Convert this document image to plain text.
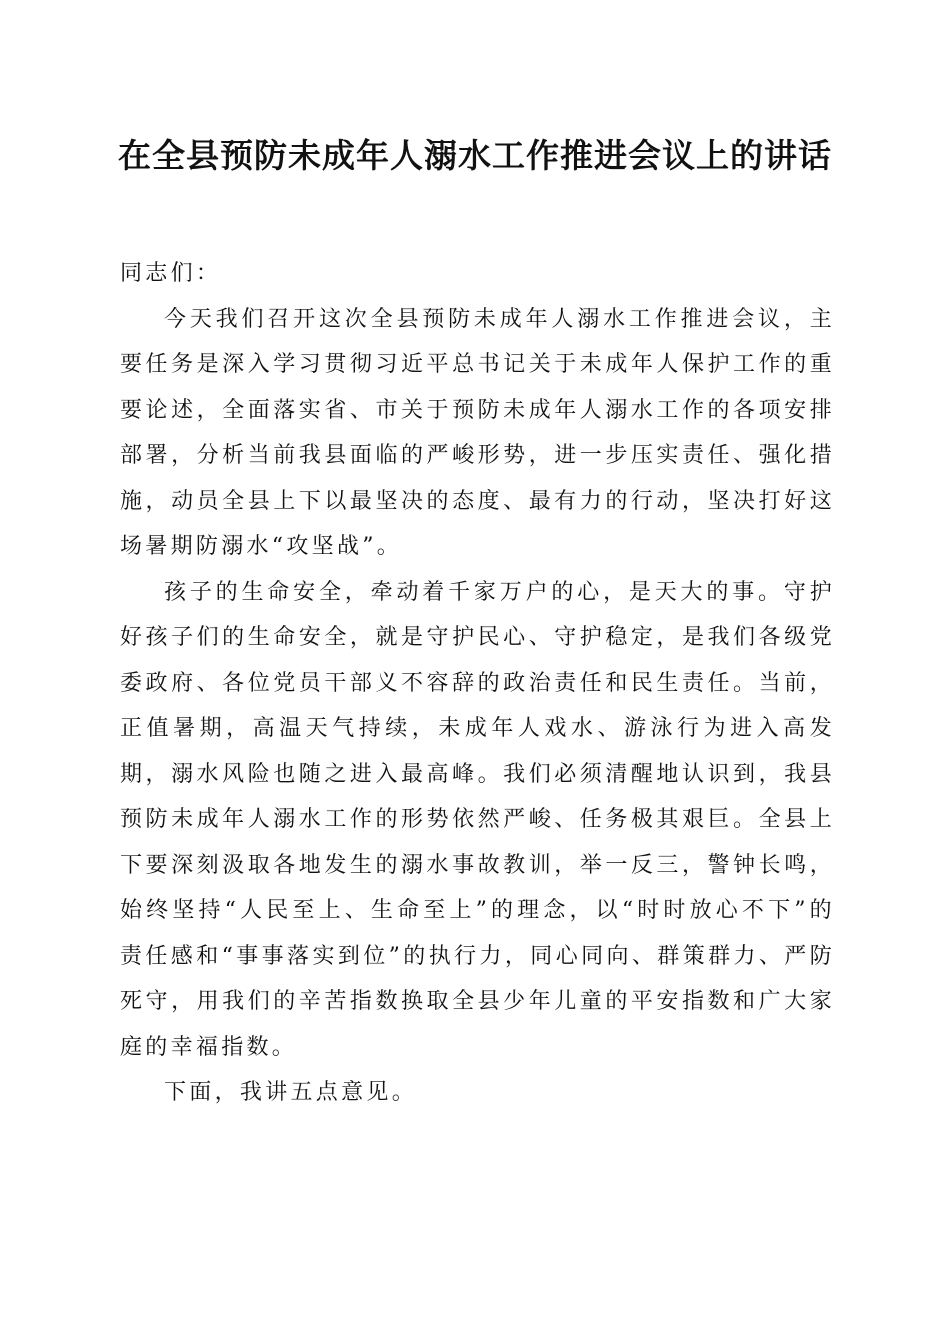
在全县预防未成年人溺水工作推进会议上的讲话

同志们：

今天我们召开这次全县预防未成年人溺水工作推进会议，主要任务是深入学习贯彻习近平总书记关于未成年人保护工作的重要论述，全面落实省、市关于预防未成年人溺水工作的各项安排部署，分析当前我县面临的严峻形势，进一步压实责任、强化措施，动员全县上下以最坚决的态度、最有力的行动，坚决打好这场暑期防溺水“攻坚战”。

孩子的生命安全，牵动着千家万户的心，是天大的事。守护好孩子们的生命安全，就是守护民心、守护稳定，是我们各级党委政府、各位党员干部义不容辞的政治责任和民生责任。当前，正值暑期，高温天气持续，未成年人戏水、游泳行为进入高发期，溺水风险也随之进入最高峰。我们必须清醒地认识到，我县预防未成年人溺水工作的形势依然严峻、任务极其艰巨。全县上下要深刻汲取各地发生的溺水事故教训，举一反三，警钟长鸣，始终坚持“人民至上、生命至上”的理念，以“时时放心不下”的责任感和“事事落实到位”的执行力，同心同向、群策群力、严防死守，用我们的辛苦指数换取全县少年儿童的平安指数和广大家庭的幸福指数。

下面，我讲五点意见。
